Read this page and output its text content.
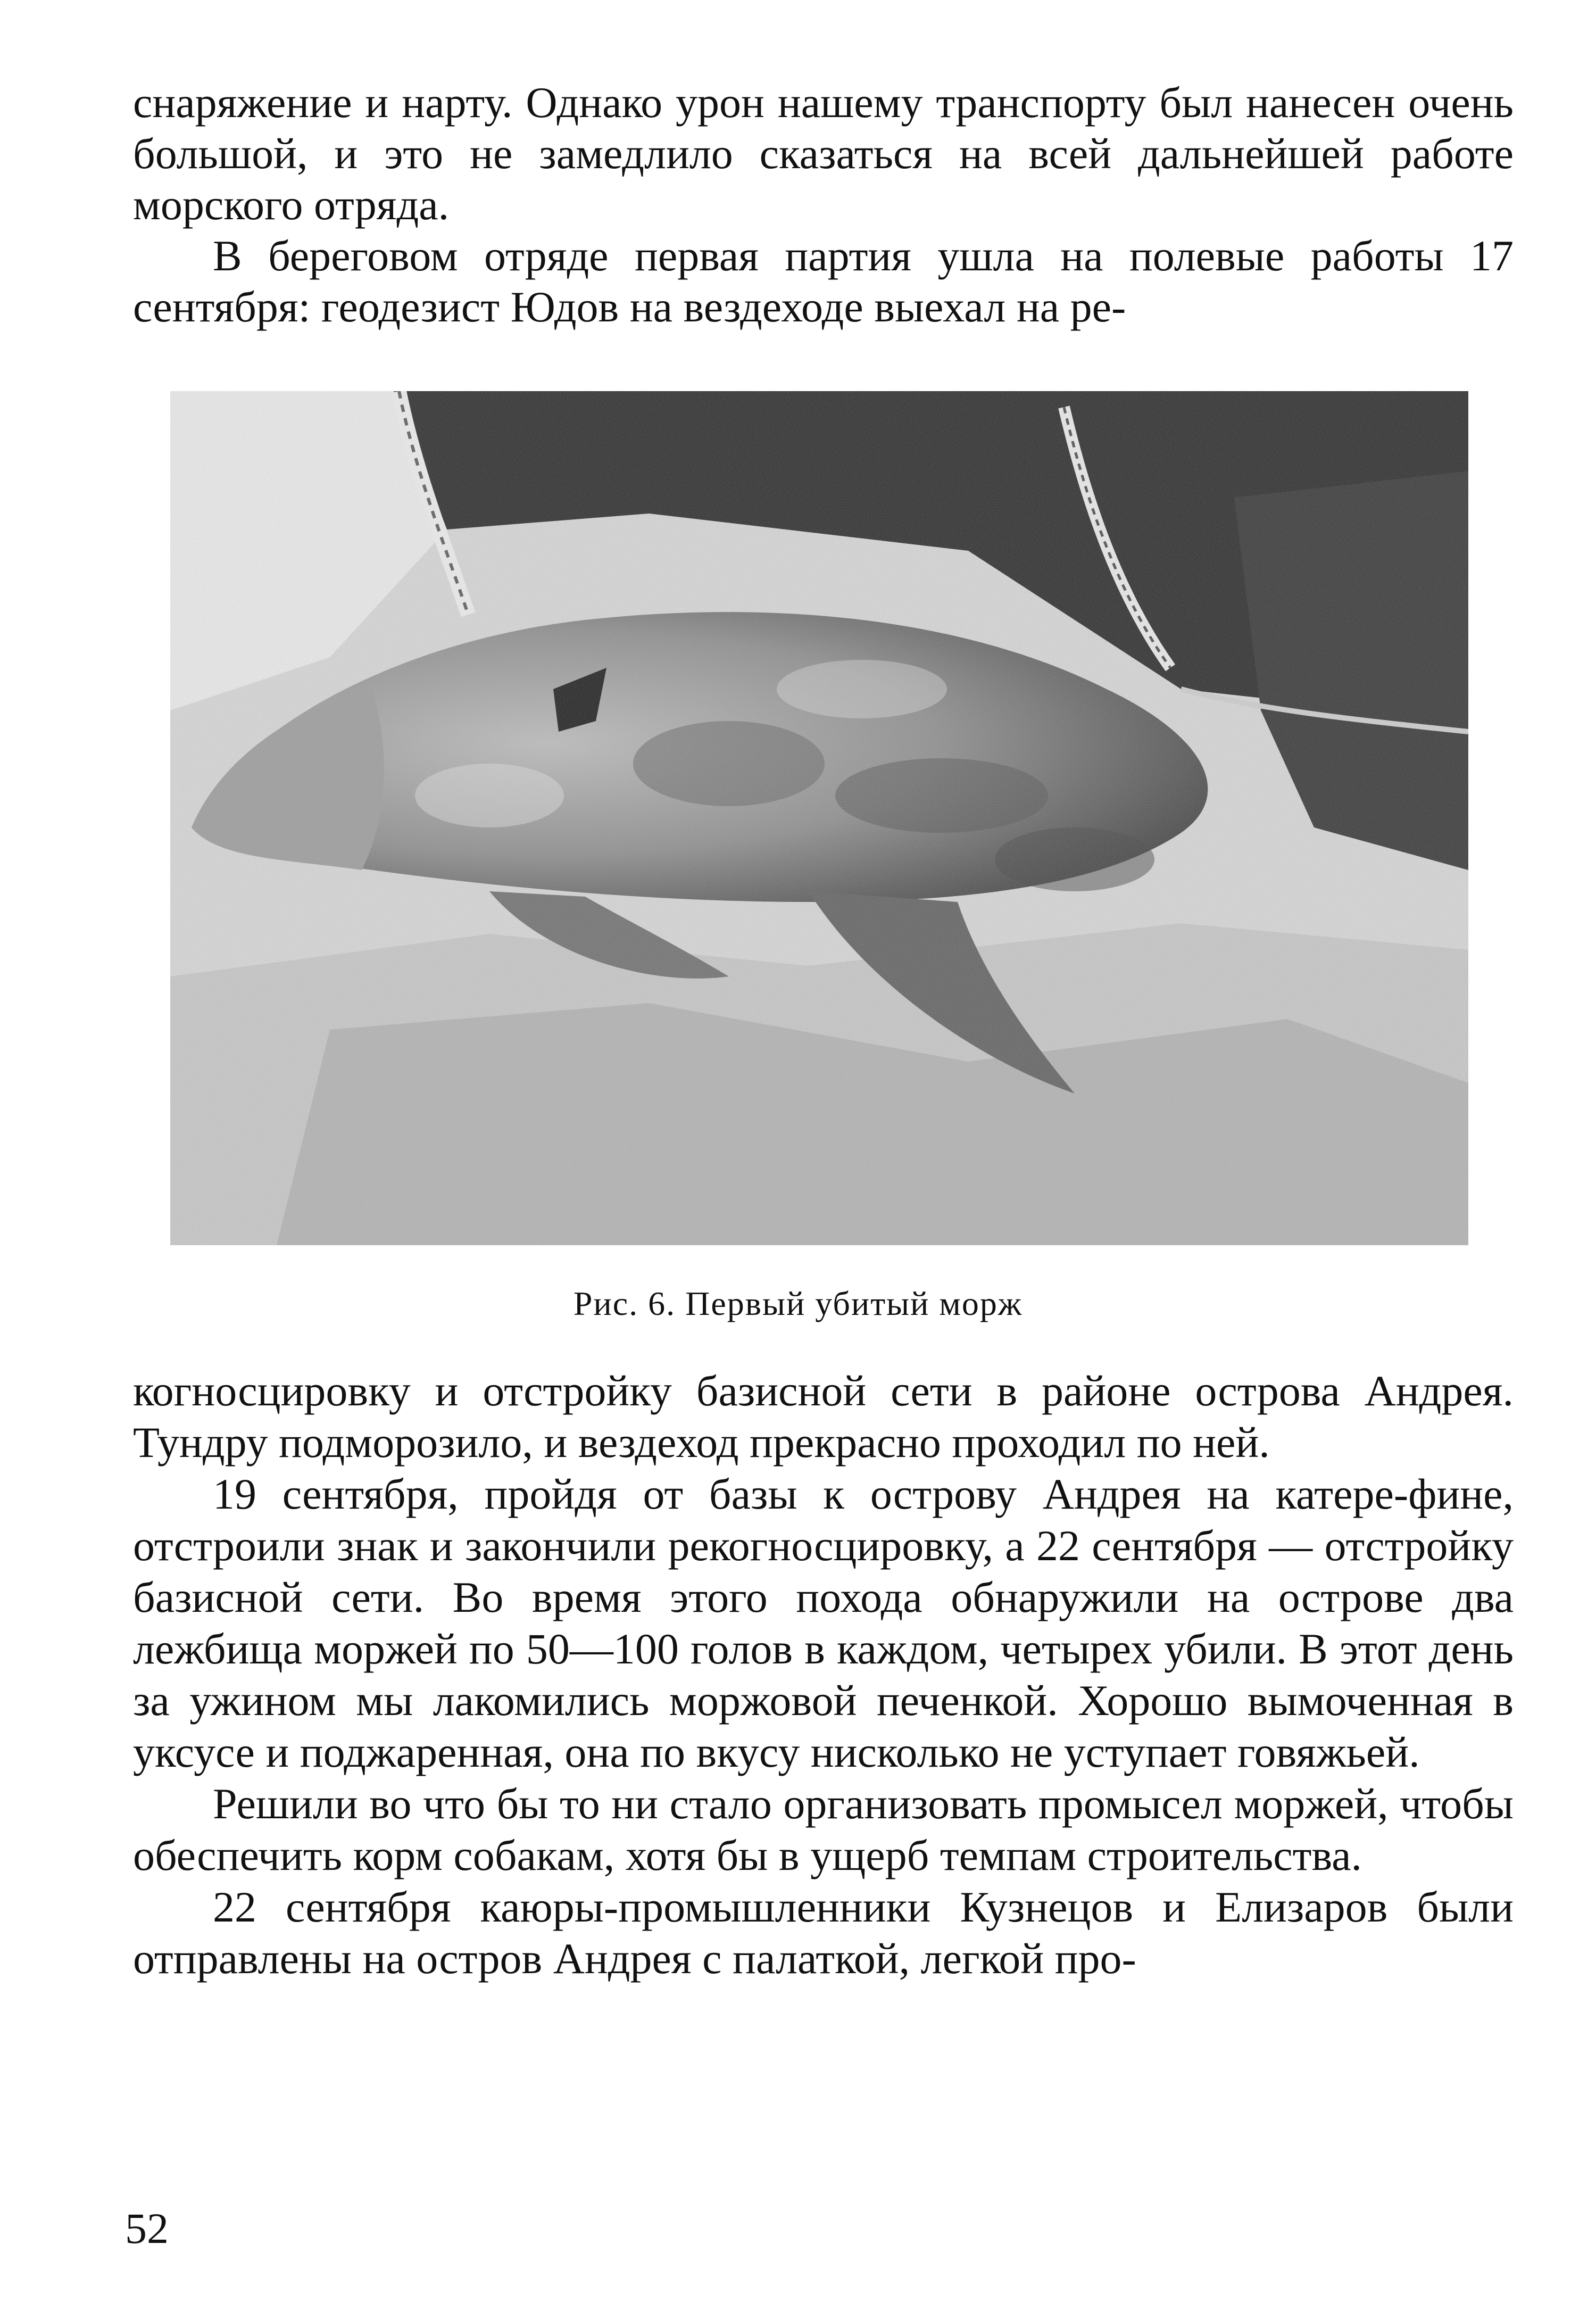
снаряжение и нарту. Однако урон нашему транспорту был нанесен очень большой, и это не замедлило сказаться на всей дальнейшей работе морского отряда.

В береговом отряде первая партия ушла на полевые работы 17 сентября: геодезист Юдов на вездеходе выехал на ре-

Рис. 6. Первый убитый морж

когносцировку и отстройку базисной сети в районе острова Андрея. Тундру подморозило, и вездеход прекрасно проходил по ней.

19 сентября, пройдя от базы к острову Андрея на катере-фине, отстроили знак и закончили рекогносцировку, а 22 сентября — отстройку базисной сети. Во время этого похода обнаружили на острове два лежбища моржей по 50—100 голов в каждом, четырех убили. В этот день за ужином мы лакомились моржовой печенкой. Хорошо вымоченная в уксусе и поджаренная, она по вкусу нисколько не уступает говяжьей.

Решили во что бы то ни стало организовать промысел моржей, чтобы обеспечить корм собакам, хотя бы в ущерб темпам строительства.

22 сентября каюры-промышленники Кузнецов и Елизаров были отправлены на остров Андрея с палаткой, легкой про-

52
